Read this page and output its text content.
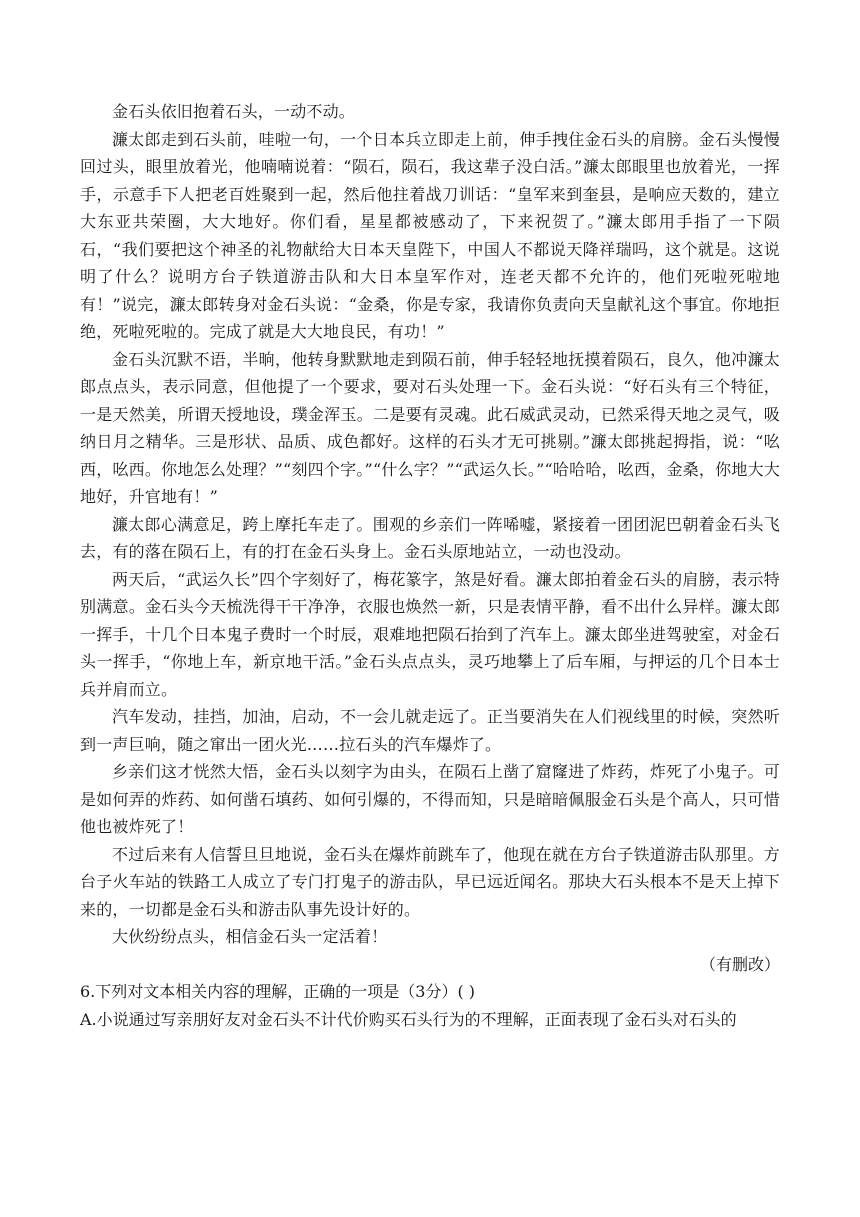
金石头依旧抱着石头，一动不动。

濂太郎走到石头前，哇啦一句，一个日本兵立即走上前，伸手拽住金石头的肩膀。金石头慢慢回过头，眼里放着光，他喃喃说着：“陨石，陨石，我这辈子没白活。”濂太郎眼里也放着光，一挥手，示意手下人把老百姓聚到一起，然后他拄着战刀训话：“皇军来到奎县，是响应天数的，建立大东亚共荣圈，大大地好。你们看，星星都被感动了，下来祝贺了。”濂太郎用手指了一下陨石，“我们要把这个神圣的礼物献给大日本天皇陛下，中国人不都说天降祥瑞吗，这个就是。这说明了什么？说明方台子铁道游击队和大日本皇军作对，连老天都不允许的，他们死啦死啦地有！”说完，濂太郎转身对金石头说：“金桑，你是专家，我请你负责向天皇献礼这个事宜。你地拒绝，死啦死啦的。完成了就是大大地良民，有功！”

金石头沉默不语，半晌，他转身默默地走到陨石前，伸手轻轻地抚摸着陨石，良久，他冲濂太郎点点头，表示同意，但他提了一个要求，要对石头处理一下。金石头说：“好石头有三个特征，一是天然美，所谓天授地设，璞金浑玉。二是要有灵魂。此石威武灵动，已然采得天地之灵气，吸纳日月之精华。三是形状、品质、成色都好。这样的石头才无可挑剔。”濂太郎挑起拇指，说：“吆西，吆西。你地怎么处理？”“刻四个字。”“什么字？”“武运久长。”“哈哈哈，吆西，金桑，你地大大地好，升官地有！”

濂太郎心满意足，跨上摩托车走了。围观的乡亲们一阵唏嘘，紧接着一团团泥巴朝着金石头飞去，有的落在陨石上，有的打在金石头身上。金石头原地站立，一动也没动。

两天后，“武运久长”四个字刻好了，梅花篆字，煞是好看。濂太郎拍着金石头的肩膀，表示特别满意。金石头今天梳洗得干干净净，衣服也焕然一新，只是表情平静，看不出什么异样。濂太郎一挥手，十几个日本鬼子费时一个时辰，艰难地把陨石抬到了汽车上。濂太郎坐进驾驶室，对金石头一挥手，“你地上车，新京地干活。”金石头点点头，灵巧地攀上了后车厢，与押运的几个日本士兵并肩而立。

汽车发动，挂挡，加油，启动，不一会儿就走远了。正当要消失在人们视线里的时候，突然听到一声巨响，随之窜出一团火光……拉石头的汽车爆炸了。

乡亲们这才恍然大悟，金石头以刻字为由头，在陨石上凿了窟窿进了炸药，炸死了小鬼子。可是如何弄的炸药、如何凿石填药、如何引爆的，不得而知，只是暗暗佩服金石头是个高人，只可惜他也被炸死了！

不过后来有人信誓旦旦地说，金石头在爆炸前跳车了，他现在就在方台子铁道游击队那里。方台子火车站的铁路工人成立了专门打鬼子的游击队，早已远近闻名。那块大石头根本不是天上掉下来的，一切都是金石头和游击队事先设计好的。

大伙纷纷点头，相信金石头一定活着！

（有删改）

6.下列对文本相关内容的理解，正确的一项是（3分）( )

A.小说通过写亲朋好友对金石头不计代价购买石头行为的不理解，正面表现了金石头对石头的
